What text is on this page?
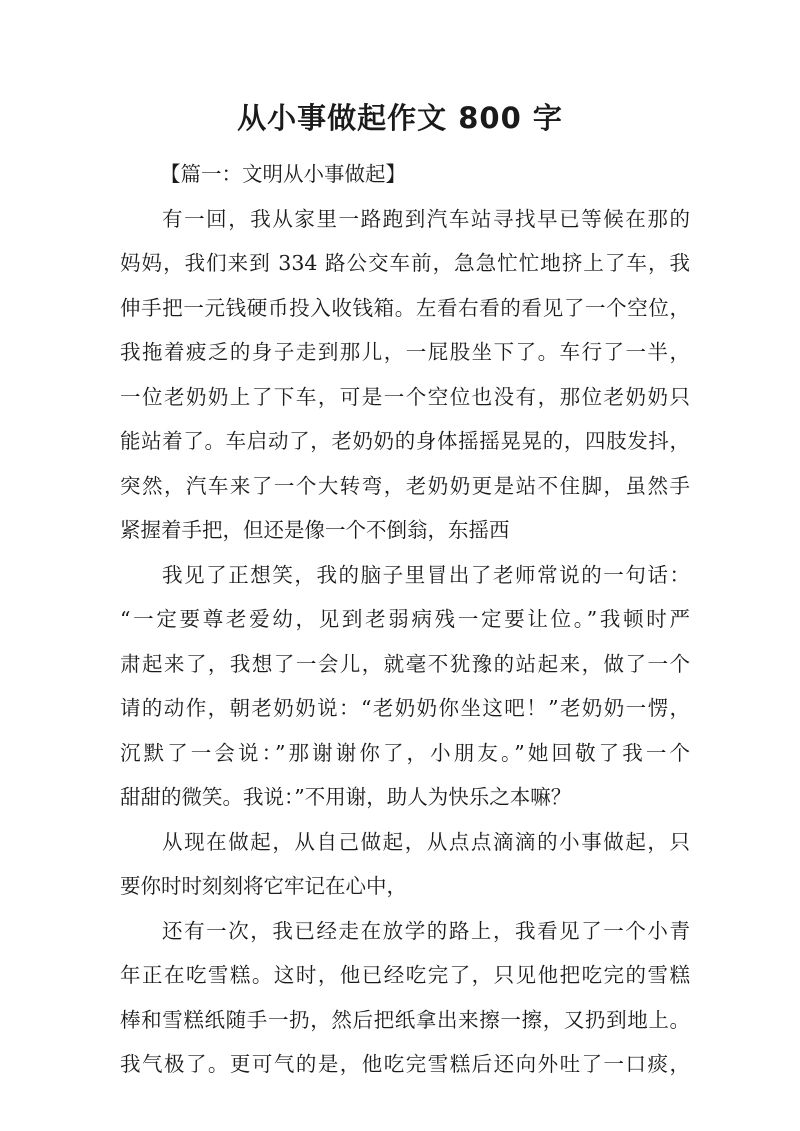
从小事做起作文 800 字
【篇一：文明从小事做起】
有一回，我从家里一路跑到汽车站寻找早已等候在那的
妈妈，我们来到 334 路公交车前，急急忙忙地挤上了车，我
伸手把一元钱硬币投入收钱箱。左看右看的看见了一个空位，
我拖着疲乏的身子走到那儿，一屁股坐下了。车行了一半，
一位老奶奶上了下车，可是一个空位也没有，那位老奶奶只
能站着了。车启动了，老奶奶的身体摇摇晃晃的，四肢发抖，
突然，汽车来了一个大转弯，老奶奶更是站不住脚，虽然手
紧握着手把，但还是像一个不倒翁，东摇西
我见了正想笑，我的脑子里冒出了老师常说的一句话：
“一定要尊老爱幼，见到老弱病残一定要让位。”我顿时严
肃起来了，我想了一会儿，就毫不犹豫的站起来，做了一个
请的动作，朝老奶奶说：“老奶奶你坐这吧！”老奶奶一愣，
沉默了一会说：”那谢谢你了，小朋友。”她回敬了我一个
甜甜的微笑。我说：”不用谢，助人为快乐之本嘛？
从现在做起，从自己做起，从点点滴滴的小事做起，只
要你时时刻刻将它牢记在心中，
还有一次，我已经走在放学的路上，我看见了一个小青
年正在吃雪糕。这时，他已经吃完了，只见他把吃完的雪糕
棒和雪糕纸随手一扔，然后把纸拿出来擦一擦，又扔到地上。
我气极了。更可气的是，他吃完雪糕后还向外吐了一口痰，
